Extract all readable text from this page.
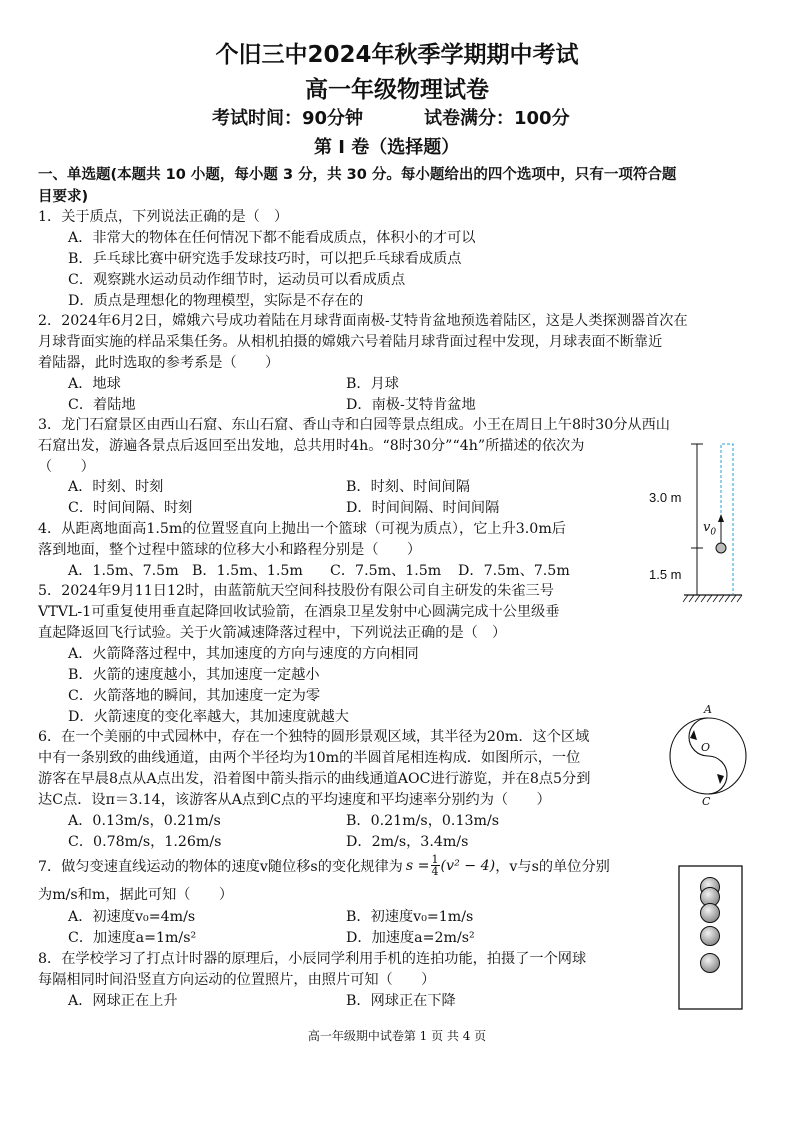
个旧三中2024年秋季学期期中考试
高一年级物理试卷
考试时间：90分钟	试卷满分：100分
第 Ⅰ 卷（选择题）
一、单选题(本题共 10 小题，每小题 3 分，共 30 分。每小题给出的四个选项中，只有一项符合题
目要求)
1．关于质点，下列说法正确的是（　）
A．非常大的物体在任何情况下都不能看成质点，体积小的才可以
B．乒乓球比赛中研究选手发球技巧时，可以把乒乓球看成质点
C．观察跳水运动员动作细节时，运动员可以看成质点
D．质点是理想化的物理模型，实际是不存在的
2．2024年6月2日，嫦娥六号成功着陆在月球背面南极-艾特肯盆地预选着陆区，这是人类探测器首次在
月球背面实施的样品采集任务。从相机拍摄的嫦娥六号着陆月球背面过程中发现，月球表面不断靠近
着陆器，此时选取的参考系是（　　）
A．地球	B．月球
C．着陆地	D．南极-艾特肯盆地
3．龙门石窟景区由西山石窟、东山石窟、香山寺和白园等景点组成。小王在周日上午8时30分从西山
石窟出发，游遍各景点后返回至出发地，总共用时4h。“8时30分”“4h”所描述的依次为
（　　）
A．时刻、时刻	B．时刻、时间间隔
C．时间间隔、时刻	D．时间间隔、时间间隔
4．从距离地面高1.5m的位置竖直向上抛出一个篮球（可视为质点），它上升3.0m后
落到地面，整个过程中篮球的位移大小和路程分别是（　　）
A．1.5m、7.5m B．1.5m、1.5m C．7.5m、1.5m D．7.5m、7.5m
3.0 m
1.5 m
$v_0$
5．2024年9月11日12时，由蓝箭航天空间科技股份有限公司自主研发的朱雀三号
VTVL-1可重复使用垂直起降回收试验箭，在酒泉卫星发射中心圆满完成十公里级垂
直起降返回飞行试验。关于火箭减速降落过程中，下列说法正确的是（　）
A．火箭降落过程中，其加速度的方向与速度的方向相同
B．火箭的速度越小，其加速度一定越小
C．火箭落地的瞬间，其加速度一定为零
D．火箭速度的变化率越大，其加速度就越大
6．在一个美丽的中式园林中，存在一个独特的圆形景观区域，其半径为20m．这个区域
中有一条别致的曲线通道，由两个半径均为10m的半圆首尾相连构成．如图所示，一位
游客在早晨8点从A点出发，沿着图中箭头指示的曲线通道AOC进行游览，并在8点5分到
达C点．设π＝3.14，该游客从A点到C点的平均速度和平均速率分别约为（　　）
A．0.13m/s，0.21m/s	B．0.21m/s，0.13m/s
C．0.78m/s，1.26m/s	D．2m/s，3.4m/s
A
O
C
7．做匀变速直线运动的物体的速度v随位移s的变化规律为 $s = \frac{1}{4} (v^2 - 4)$ ，v与s的单位分别
为m/s和m，据此可知（　　）
A．初速度v₀=4m/s	B．初速度v₀=1m/s
C．加速度a=1m/s²	D．加速度a=2m/s²
8．在学校学习了打点计时器的原理后，小辰同学利用手机的连拍功能，拍摄了一个网球
每隔相同时间沿竖直方向运动的位置照片，由照片可知（　　）
A．网球正在上升	B．网球正在下降
高一年级期中试卷第 1 页 共 4 页
